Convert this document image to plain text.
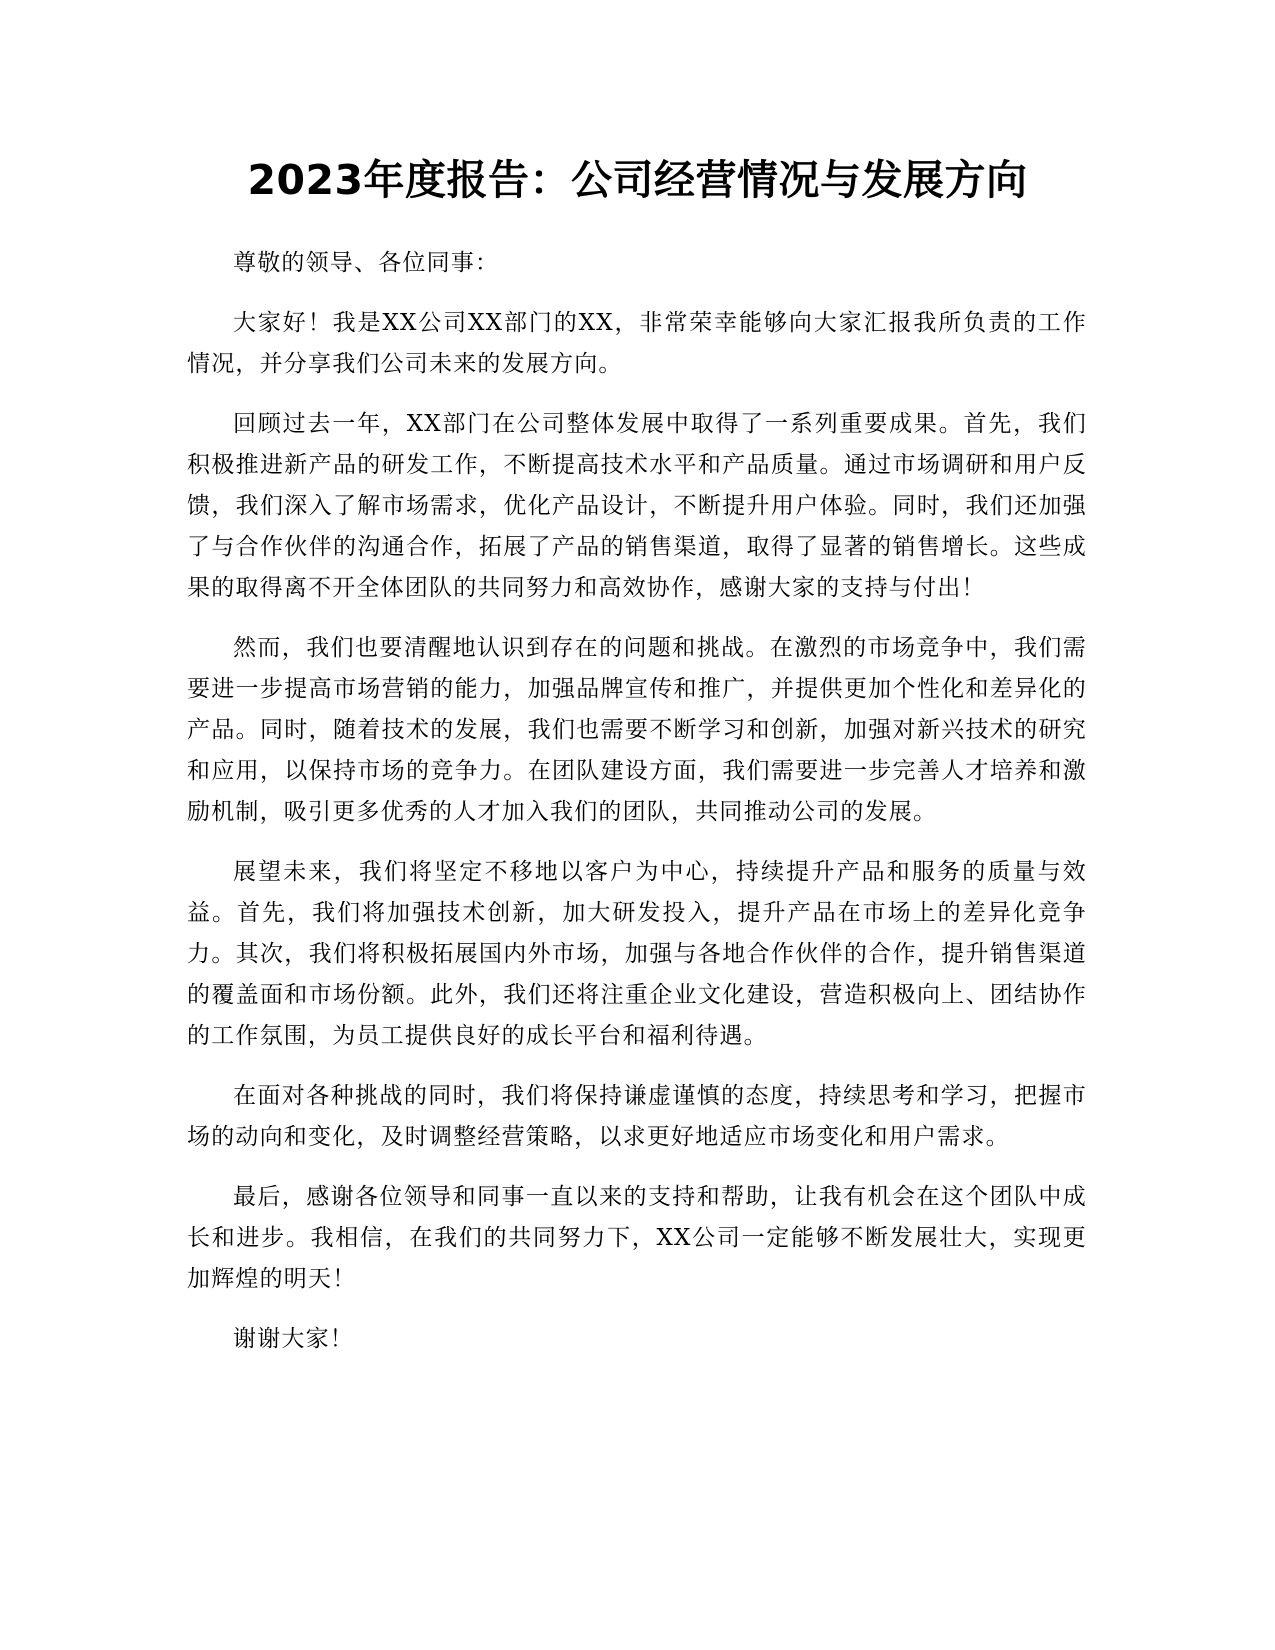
2023年度报告：公司经营情况与发展方向

尊敬的领导、各位同事：

大家好！我是XX公司XX部门的XX，非常荣幸能够向大家汇报我所负责的工作情况，并分享我们公司未来的发展方向。

回顾过去一年，XX部门在公司整体发展中取得了一系列重要成果。首先，我们积极推进新产品的研发工作，不断提高技术水平和产品质量。通过市场调研和用户反馈，我们深入了解市场需求，优化产品设计，不断提升用户体验。同时，我们还加强了与合作伙伴的沟通合作，拓展了产品的销售渠道，取得了显著的销售增长。这些成果的取得离不开全体团队的共同努力和高效协作，感谢大家的支持与付出！

然而，我们也要清醒地认识到存在的问题和挑战。在激烈的市场竞争中，我们需要进一步提高市场营销的能力，加强品牌宣传和推广，并提供更加个性化和差异化的产品。同时，随着技术的发展，我们也需要不断学习和创新，加强对新兴技术的研究和应用，以保持市场的竞争力。在团队建设方面，我们需要进一步完善人才培养和激励机制，吸引更多优秀的人才加入我们的团队，共同推动公司的发展。

展望未来，我们将坚定不移地以客户为中心，持续提升产品和服务的质量与效益。首先，我们将加强技术创新，加大研发投入，提升产品在市场上的差异化竞争力。其次，我们将积极拓展国内外市场，加强与各地合作伙伴的合作，提升销售渠道的覆盖面和市场份额。此外，我们还将注重企业文化建设，营造积极向上、团结协作的工作氛围，为员工提供良好的成长平台和福利待遇。

在面对各种挑战的同时，我们将保持谦虚谨慎的态度，持续思考和学习，把握市场的动向和变化，及时调整经营策略，以求更好地适应市场变化和用户需求。

最后，感谢各位领导和同事一直以来的支持和帮助，让我有机会在这个团队中成长和进步。我相信，在我们的共同努力下，XX公司一定能够不断发展壮大，实现更加辉煌的明天！

谢谢大家！
